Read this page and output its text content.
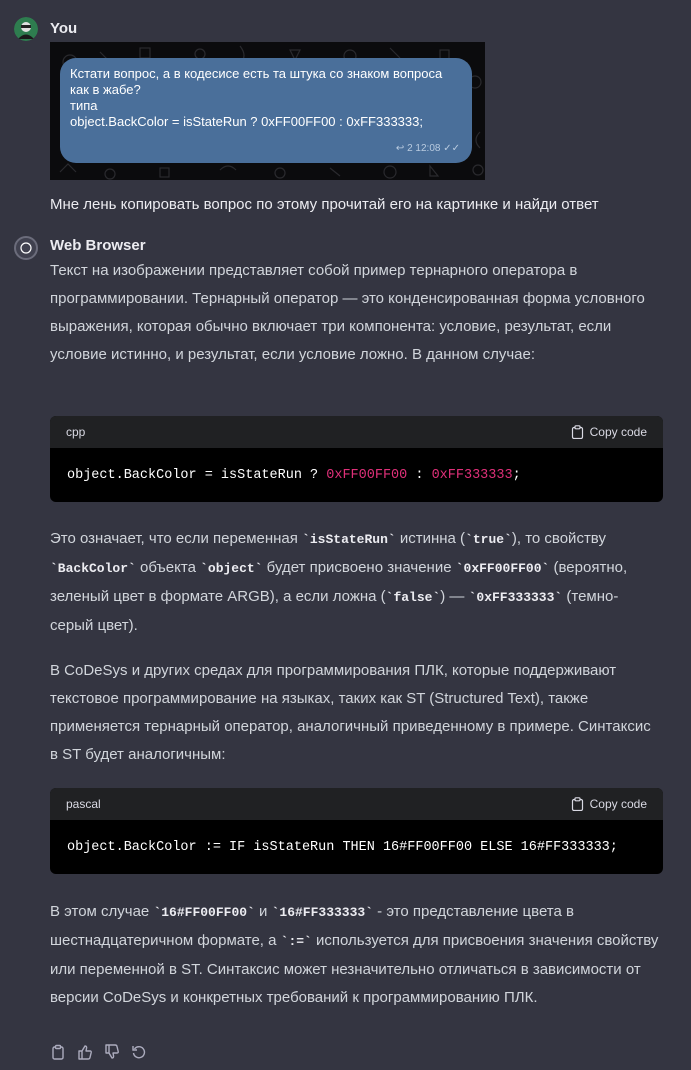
You
Кстати вопрос, а в кодесисе есть та штука со знаком вопроса
как в жабе?
типа
object.BackColor = isStateRun ? 0xFF00FF00 : 0xFF333333;
↩ 2 12:08 ✓✓
Мне лень копировать вопрос по этому прочитай его на картинке и найди ответ
Web Browser
Текст на изображении представляет собой пример тернарного оператора в программировании. Тернарный оператор — это конденсированная форма условного выражения, которая обычно включает три компонента: условие, результат, если условие истинно, и результат, если условие ложно. В данном случае:
cpp	Copy code
object.BackColor = isStateRun ? 0xFF00FF00 : 0xFF333333 ;
Это означает, что если переменная `isStateRun` истинна (`true`), то свойству `BackColor` объекта `object` будет присвоено значение `0xFF00FF00` (вероятно, зеленый цвет в формате ARGB), а если ложна (`false`) — `0xFF333333` (темно-серый цвет).
В CoDeSys и других средах для программирования ПЛК, которые поддерживают текстовое программирование на языках, таких как ST (Structured Text), также применяется тернарный оператор, аналогичный приведенному в примере. Синтаксис в ST будет аналогичным:
pascal	Copy code
object.BackColor := IF isStateRun THEN 16#FF00FF00 ELSE 16#FF333333;
В этом случае `16#FF00FF00` и `16#FF333333` - это представление цвета в шестнадцатеричном формате, а `:=` используется для присвоения значения свойству или переменной в ST. Синтаксис может незначительно отличаться в зависимости от версии CoDeSys и конкретных требований к программированию ПЛК.
